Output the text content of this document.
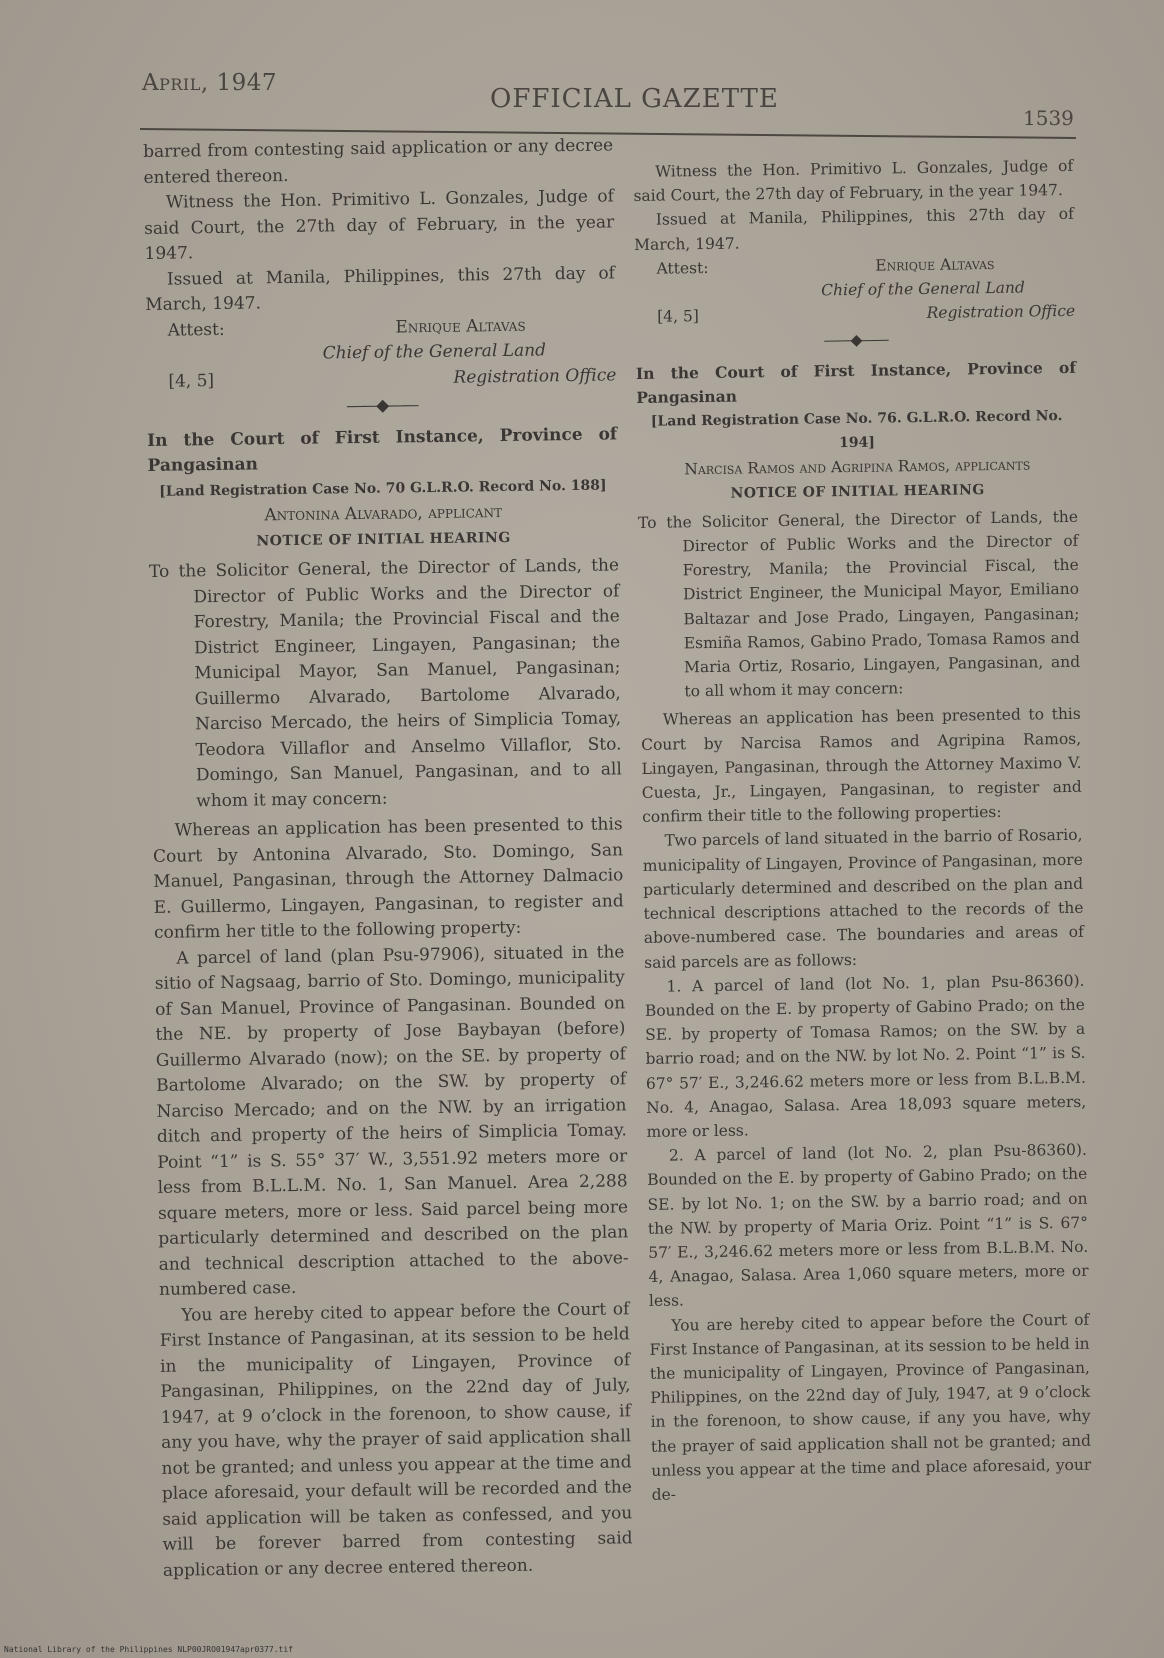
April, 1947
OFFICIAL GAZETTE
1539

barred from contesting said application or any decree entered thereon.

Witness the Hon. Primitivo L. Gonzales, Judge of said Court, the 27th day of February, in the year 1947.

Issued at Manila, Philippines, this 27th day of March, 1947.

Attest:	Enrique Altavas

Chief of the General Land

[4, 5]	Registration Office

——◆——

In the Court of First Instance, Province of Pangasinan

[Land Registration Case No. 70 G.L.R.O. Record No. 188]

Antonina Alvarado, applicant

NOTICE OF INITIAL HEARING

To the Solicitor General, the Director of Lands, the Director of Public Works and the Director of Forestry, Manila; the Provincial Fiscal and the District Engineer, Lingayen, Pangasinan; the Municipal Mayor, San Manuel, Pangasinan; Guillermo Alvarado, Bartolome Alvarado, Narciso Mercado, the heirs of Simplicia Tomay, Teodora Villaflor and Anselmo Villaflor, Sto. Domingo, San Manuel, Pangasinan, and to all whom it may concern:

Whereas an application has been presented to this Court by Antonina Alvarado, Sto. Domingo, San Manuel, Pangasinan, through the Attorney Dalmacio E. Guillermo, Lingayen, Pangasinan, to register and confirm her title to the following property:

A parcel of land (plan Psu-97906), situated in the sitio of Nagsaag, barrio of Sto. Domingo, municipality of San Manuel, Province of Pangasinan. Bounded on the NE. by property of Jose Baybayan (before) Guillermo Alvarado (now); on the SE. by property of Bartolome Alvarado; on the SW. by property of Narciso Mercado; and on the NW. by an irrigation ditch and property of the heirs of Simplicia Tomay. Point “1” is S. 55° 37′ W., 3,551.92 meters more or less from B.L.L.M. No. 1, San Manuel. Area 2,288 square meters, more or less. Said parcel being more particularly determined and described on the plan and technical description attached to the above-numbered case.

You are hereby cited to appear before the Court of First Instance of Pangasinan, at its session to be held in the municipality of Lingayen, Province of Pangasinan, Philippines, on the 22nd day of July, 1947, at 9 o’clock in the forenoon, to show cause, if any you have, why the prayer of said application shall not be granted; and unless you appear at the time and place aforesaid, your default will be recorded and the said application will be taken as confessed, and you will be forever barred from contesting said application or any decree entered thereon.

Witness the Hon. Primitivo L. Gonzales, Judge of said Court, the 27th day of February, in the year 1947.

Issued at Manila, Philippines, this 27th day of March, 1947.

Attest:	Enrique Altavas

Chief of the General Land

[4, 5]	Registration Office

——◆——

In the Court of First Instance, Province of Pangasinan

[Land Registration Case No. 76. G.L.R.O. Record No. 194]

Narcisa Ramos and Agripina Ramos, applicants

NOTICE OF INITIAL HEARING

To the Solicitor General, the Director of Lands, the Director of Public Works and the Director of Forestry, Manila; the Provincial Fiscal, the District Engineer, the Municipal Mayor, Emiliano Baltazar and Jose Prado, Lingayen, Pangasinan; Esmiña Ramos, Gabino Prado, Tomasa Ramos and Maria Ortiz, Rosario, Lingayen, Pangasinan, and to all whom it may concern:

Whereas an application has been presented to this Court by Narcisa Ramos and Agripina Ramos, Lingayen, Pangasinan, through the Attorney Maximo V. Cuesta, Jr., Lingayen, Pangasinan, to register and confirm their title to the following properties:

Two parcels of land situated in the barrio of Rosario, municipality of Lingayen, Province of Pangasinan, more particularly determined and described on the plan and technical descriptions attached to the records of the above-numbered case. The boundaries and areas of said parcels are as follows:

1. A parcel of land (lot No. 1, plan Psu-86360). Bounded on the E. by property of Gabino Prado; on the SE. by property of Tomasa Ramos; on the SW. by a barrio road; and on the NW. by lot No. 2. Point “1” is S. 67° 57′ E., 3,246.62 meters more or less from B.L.B.M. No. 4, Anagao, Salasa. Area 18,093 square meters, more or less.

2. A parcel of land (lot No. 2, plan Psu-86360). Bounded on the E. by property of Gabino Prado; on the SE. by lot No. 1; on the SW. by a barrio road; and on the NW. by property of Maria Oriz. Point “1” is S. 67° 57′ E., 3,246.62 meters more or less from B.L.B.M. No. 4, Anagao, Salasa. Area 1,060 square meters, more or less.

You are hereby cited to appear before the Court of First Instance of Pangasinan, at its session to be held in the municipality of Lingayen, Province of Pangasinan, Philippines, on the 22nd day of July, 1947, at 9 o’clock in the forenoon, to show cause, if any you have, why the prayer of said application shall not be granted; and unless you appear at the time and place aforesaid, your de-

National Library of the Philippines NLP00JRO01947apr0377.tif
